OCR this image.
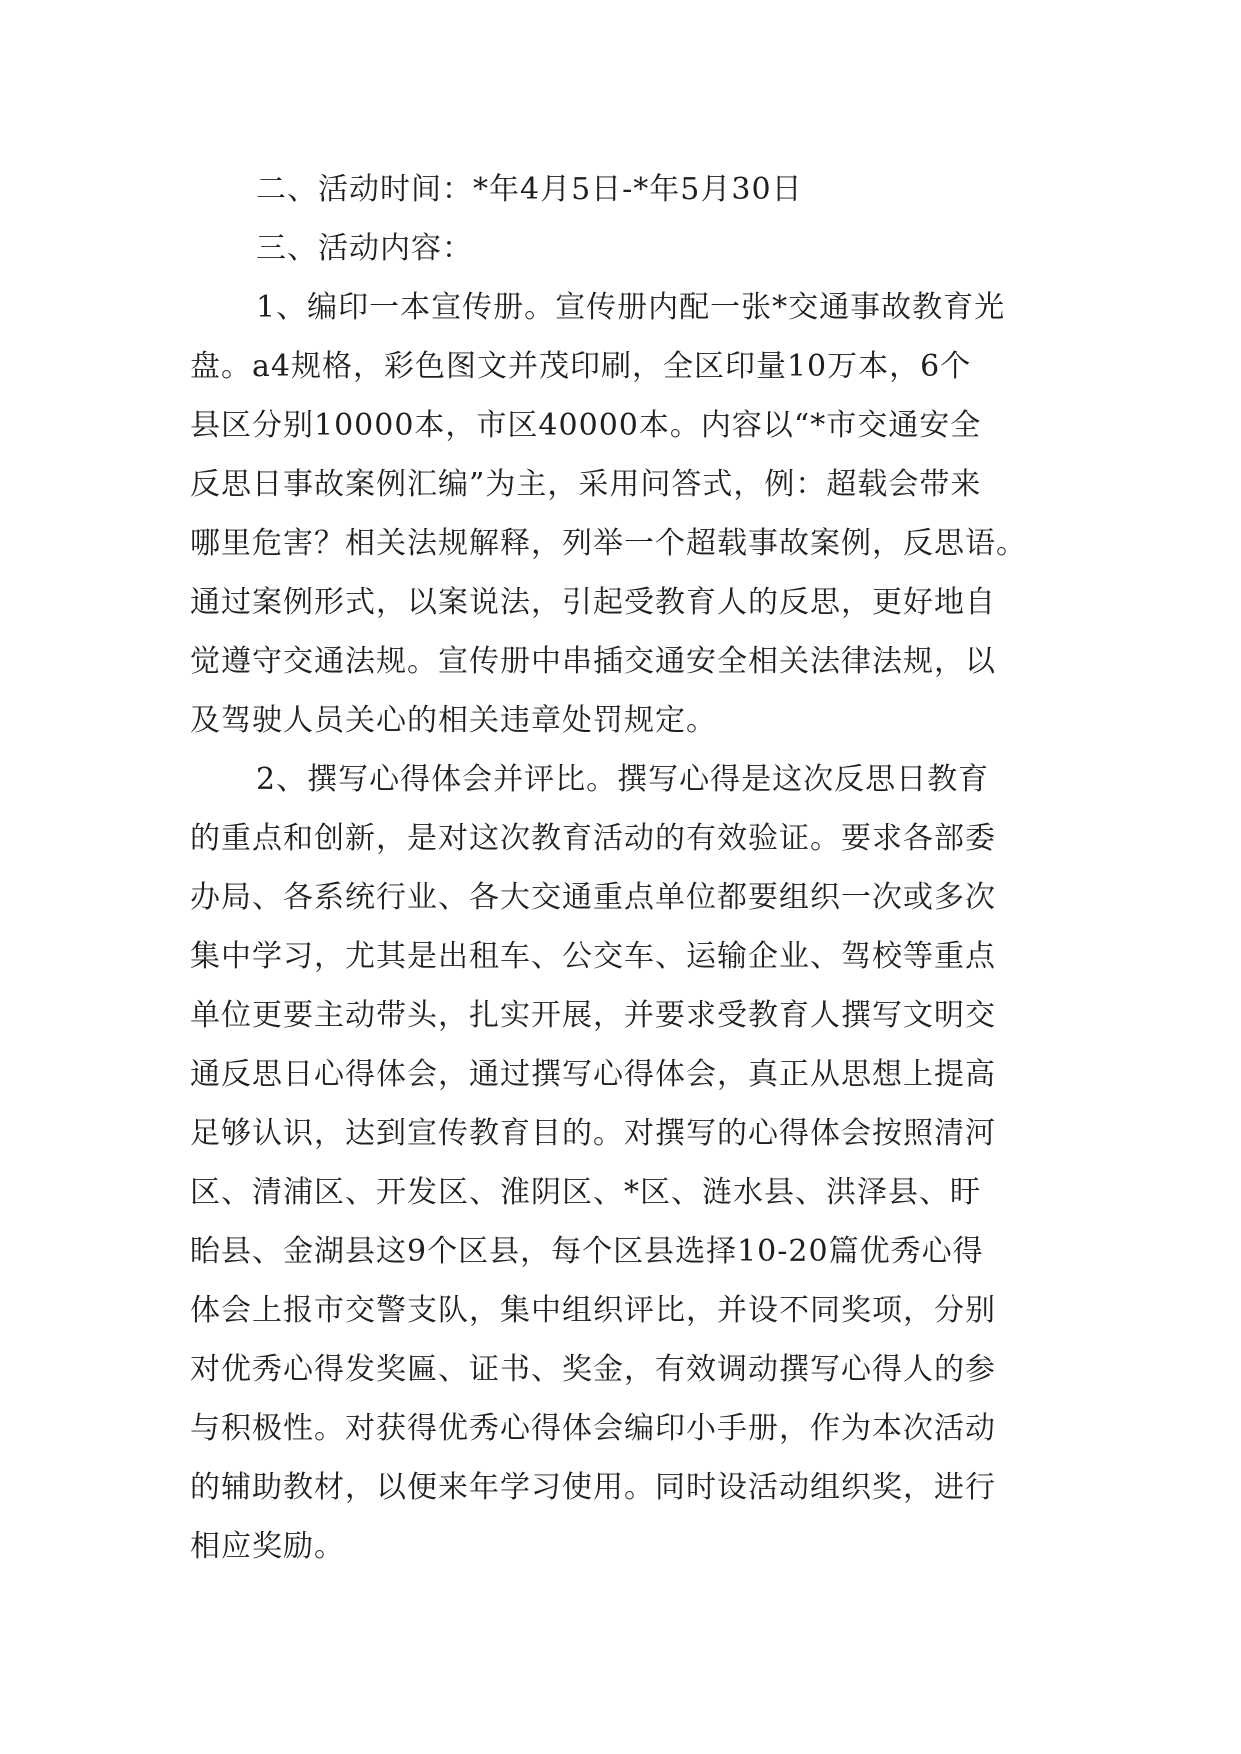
二、活动时间：*年4月5日-*年5月30日

三、活动内容：

1、编印一本宣传册。宣传册内配一张*交通事故教育光

盘。a4规格，彩色图文并茂印刷，全区印量10万本，6个

县区分别10000本，市区40000本。内容以“*市交通安全

反思日事故案例汇编”为主，采用问答式，例：超载会带来

哪里危害？相关法规解释，列举一个超载事故案例，反思语。

通过案例形式，以案说法，引起受教育人的反思，更好地自

觉遵守交通法规。宣传册中串插交通安全相关法律法规，以

及驾驶人员关心的相关违章处罚规定。

2、撰写心得体会并评比。撰写心得是这次反思日教育

的重点和创新，是对这次教育活动的有效验证。要求各部委

办局、各系统行业、各大交通重点单位都要组织一次或多次

集中学习，尤其是出租车、公交车、运输企业、驾校等重点

单位更要主动带头，扎实开展，并要求受教育人撰写文明交

通反思日心得体会，通过撰写心得体会，真正从思想上提高

足够认识，达到宣传教育目的。对撰写的心得体会按照清河

区、清浦区、开发区、淮阴区、*区、涟水县、洪泽县、盱

眙县、金湖县这9个区县，每个区县选择10-20篇优秀心得

体会上报市交警支队，集中组织评比，并设不同奖项，分别

对优秀心得发奖匾、证书、奖金，有效调动撰写心得人的参

与积极性。对获得优秀心得体会编印小手册，作为本次活动

的辅助教材，以便来年学习使用。同时设活动组织奖，进行

相应奖励。
